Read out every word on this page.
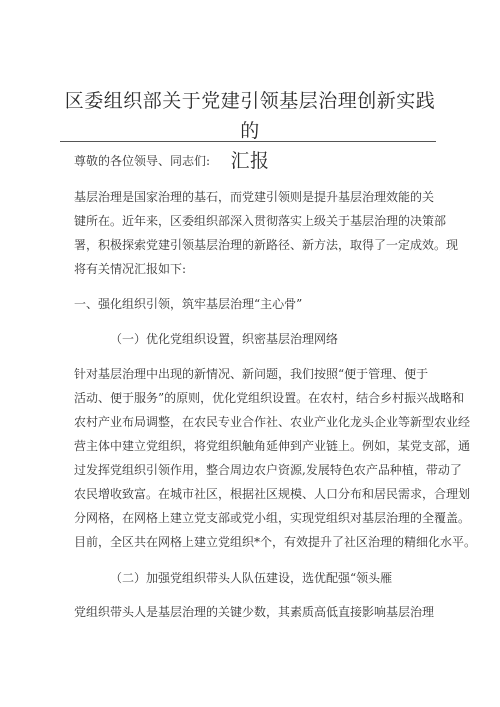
区委组织部关于党建引领基层治理创新实践的
汇报
尊敬的各位领导、同志们:
基层治理是国家治理的基石，而党建引领则是提升基层治理效能的关
键所在。近年来，区委组织部深入贯彻落实上级关于基层治理的决策部
署，积极探索党建引领基层治理的新路径、新方法，取得了一定成效。现
将有关情况汇报如下:
一、强化组织引领，筑牢基层治理“主心骨”
（一）优化党组织设置，织密基层治理网络
针对基层治理中出现的新情况、新问题，我们按照“便于管理、便于
活动、便于服务”的原则，优化党组织设置。在农村，结合乡村振兴战略和
农村产业布局调整，在农民专业合作社、农业产业化龙头企业等新型农业经
营主体中建立党组织，将党组织触角延伸到产业链上。例如，某党支部，通
过发挥党组织引领作用，整合周边农户资源,发展特色农产品种植，带动了
农民增收致富。在城市社区，根据社区规模、人口分布和居民需求，合理划
分网格，在网格上建立党支部或党小组，实现党组织对基层治理的全覆盖。
目前，全区共在网格上建立党组织*个，有效提升了社区治理的精细化水平。
（二）加强党组织带头人队伍建设，选优配强“领头雁
党组织带头人是基层治理的关键少数，其素质高低直接影响基层治理
